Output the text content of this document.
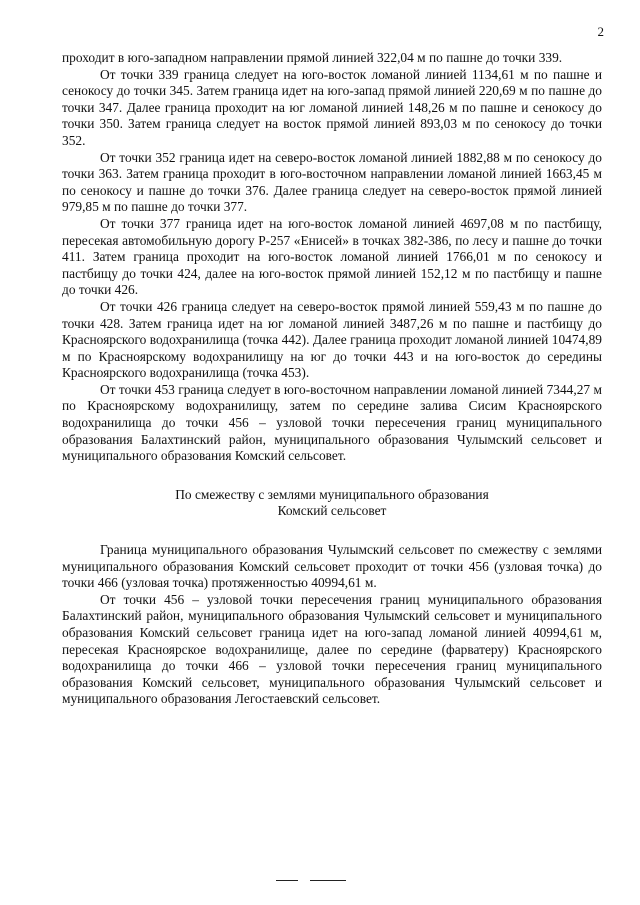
2

проходит в юго-западном направлении прямой линией 322,04 м по пашне до точки 339.

От точки 339 граница следует на юго-восток ломаной линией 1134,61 м по пашне и сенокосу до точки 345. Затем граница идет на юго-запад прямой линией 220,69 м по пашне до точки 347. Далее граница проходит на юг ломаной линией 148,26 м по пашне и сенокосу до точки 350. Затем граница следует на восток прямой линией 893,03 м по сенокосу до точки 352.

От точки 352 граница идет на северо-восток ломаной линией 1882,88 м по сенокосу до точки 363. Затем граница проходит в юго-восточном направлении ломаной линией 1663,45 м по сенокосу и пашне до точки 376. Далее граница следует на северо-восток прямой линией 979,85 м по пашне до точки 377.

От точки 377 граница идет на юго-восток ломаной линией 4697,08 м по пастбищу, пересекая автомобильную дорогу Р-257 «Енисей» в точках 382-386, по лесу и пашне до точки 411. Затем граница проходит на юго-восток ломаной линией 1766,01 м по сенокосу и пастбищу до точки 424, далее на юго-восток прямой линией 152,12 м по пастбищу и пашне до точки 426.

От точки 426 граница следует на северо-восток прямой линией 559,43 м по пашне до точки 428. Затем граница идет на юг ломаной линией 3487,26 м по пашне и пастбищу до Красноярского водохранилища (точка 442). Далее граница проходит ломаной линией 10474,89 м по Красноярскому водохранилищу на юг до точки 443 и на юго-восток до середины Красноярского водохранилища (точка 453).

От точки 453 граница следует в юго-восточном направлении ломаной линией 7344,27 м по Красноярскому водохранилищу, затем по середине залива Сисим Красноярского водохранилища до точки 456 – узловой точки пересечения границ муниципального образования Балахтинский район, муниципального образования Чулымский сельсовет и муниципального образования Комский сельсовет.

По смежеству с землями муниципального образования
Комский сельсовет

Граница муниципального образования Чулымский сельсовет по смежеству с землями муниципального образования Комский сельсовет проходит от точки 456 (узловая точка) до точки 466 (узловая точка) протяженностью 40994,61 м.

От точки 456 – узловой точки пересечения границ муниципального образования Балахтинский район, муниципального образования Чулымский сельсовет и муниципального образования Комский сельсовет граница идет на юго-запад ломаной линией 40994,61 м, пересекая Красноярское водохранилище, далее по середине (фарватеру) Красноярского водохранилища до точки 466 – узловой точки пересечения границ муниципального образования Комский сельсовет, муниципального образования Чулымский сельсовет и муниципального образования Легостаевский сельсовет.
